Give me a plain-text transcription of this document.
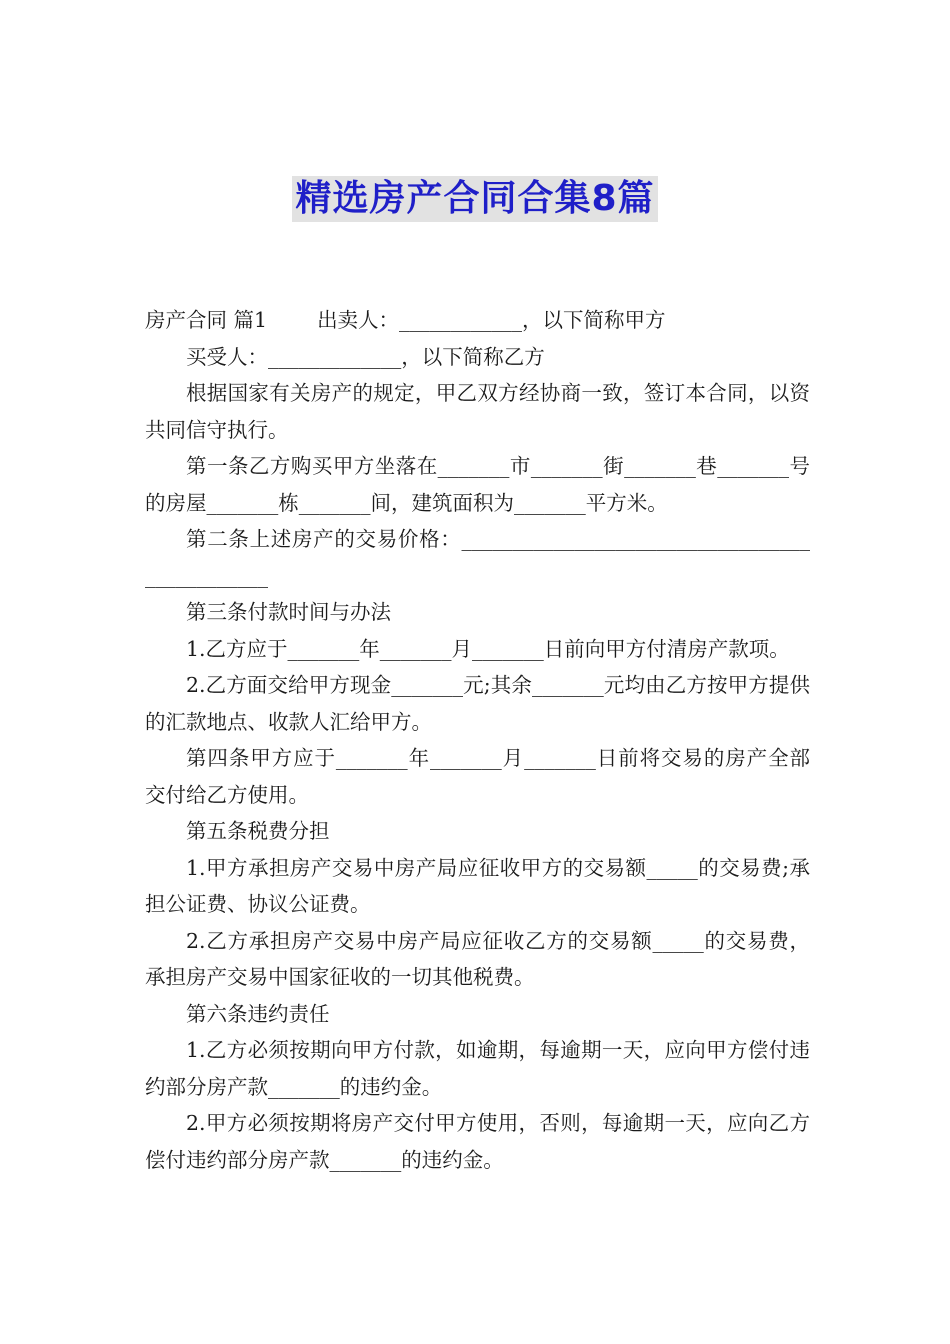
精选房产合同合集8篇

房产合同 篇1 出卖人：____________，以下简称甲方

买受人：_____________，以下简称乙方

根据国家有关房产的规定，甲乙双方经协商一致，签订本合同，以资共同信守执行。

第一条乙方购买甲方坐落在_______市_______街_______巷_______号的房屋_______栋_______间，建筑面积为_______平方米。

第二条上述房产的交易价格：______________________________________________

第三条付款时间与办法

1.乙方应于_______年_______月_______日前向甲方付清房产款项。

2.乙方面交给甲方现金_______元;其余_______元均由乙方按甲方提供的汇款地点、收款人汇给甲方。

第四条甲方应于_______年_______月_______日前将交易的房产全部交付给乙方使用。

第五条税费分担

1.甲方承担房产交易中房产局应征收甲方的交易额_____的交易费;承担公证费、协议公证费。

2.乙方承担房产交易中房产局应征收乙方的交易额_____的交易费，承担房产交易中国家征收的一切其他税费。

第六条违约责任

1.乙方必须按期向甲方付款，如逾期，每逾期一天，应向甲方偿付违约部分房产款_______的违约金。

2.甲方必须按期将房产交付甲方使用，否则，每逾期一天，应向乙方偿付违约部分房产款_______的违约金。
